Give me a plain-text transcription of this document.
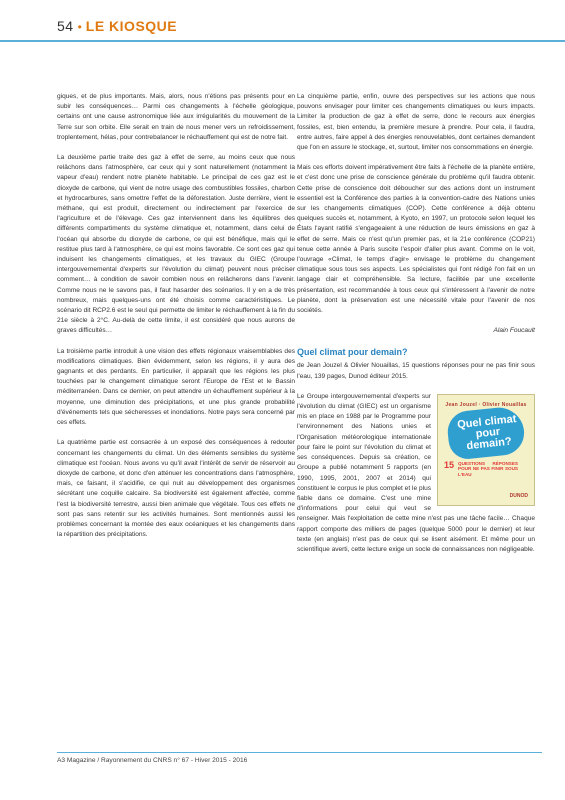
54 • LE KIOSQUE

giques, et de plus importants. Mais, alors, nous n'étions pas présents pour en subir les conséquences… Parmi ces changements à l'échelle géologique, certains ont une cause astronomique liée aux irrégularités du mouvement de la Terre sur son orbite. Elle serait en train de nous mener vers un refroidissement, troplentement, hélas, pour contrebalancer le réchauffement qui est de notre fait.

La deuxième partie traite des gaz à effet de serre, au moins ceux que nous relâchons dans l'atmosphère, car ceux qui y sont naturellement (notamment la vapeur d'eau) rendent notre planète habitable. Le principal de ces gaz est le dioxyde de carbone, qui vient de notre usage des combustibles fossiles, charbon et hydrocarbures, sans omettre l'effet de la déforestation. Juste derrière, vient le méthane, qui est produit, directement ou indirectement par l'exercice de l'agriculture et de l'élevage. Ces gaz interviennent dans les équilibres des différents compartiments du système climatique et, notamment, dans celui de l'océan qui absorbe du dioxyde de carbone, ce qui est bénéfique, mais qui le restitue plus tard à l'atmosphère, ce qui est moins favorable. Ce sont ces gaz qui induisent les changements climatiques, et les travaux du GIEC (Groupe intergouvernemental d'experts sur l'évolution du climat) peuvent nous préciser comment… à condition de savoir combien nous en relâcherons dans l'avenir. Comme nous ne le savons pas, il faut hasarder des scénarios. Il y en a de très nombreux, mais quelques-uns ont été choisis comme caractéristiques. Le scénario dit RCP2.6 est le seul qui permette de limiter le réchauffement à la fin du 21e siècle à 2°C. Au-delà de cette limite, il est considéré que nous aurons de graves difficultés…

La troisième partie introduit à une vision des effets régionaux vraisemblables des modifications climatiques. Bien évidemment, selon les régions, il y aura des gagnants et des perdants. En particulier, il apparaît que les régions les plus touchées par le changement climatique seront l'Europe de l'Est et le Bassin méditerranéen. Dans ce dernier, on peut attendre un échauffement supérieur à la moyenne, une diminution des précipitations, et une plus grande probabilité d'événements tels que sécheresses et inondations. Notre pays sera concerné par ces effets.

La quatrième partie est consacrée à un exposé des conséquences à redouter concernant les changements du climat. Un des éléments sensibles du système climatique est l'océan. Nous avons vu qu'il avait l'intérêt de servir de réservoir au dioxyde de carbone, et donc d'en atténuer les concentrations dans l'atmosphère, mais, ce faisant, il s'acidifie, ce qui nuit au développement des organismes sécrétant une coquille calcaire. Sa biodiversité est également affectée, comme l'est la biodiversité terrestre, aussi bien animale que végétale. Tous ces effets ne sont pas sans retentir sur les activités humaines. Sont mentionnés aussi les problèmes concernant la montée des eaux océaniques et les changements dans la répartition des précipitations.

La cinquième partie, enfin, ouvre des perspectives sur les actions que nous pouvons envisager pour limiter ces changements climatiques ou leurs impacts. Limiter la production de gaz à effet de serre, donc le recours aux énergies fossiles, est, bien entendu, la première mesure à prendre. Pour cela, il faudra, entre autres, faire appel à des énergies renouvelables, dont certaines demandent que l'on en assure le stockage, et, surtout, limiter nos consommations en énergie.

Mais ces efforts doivent impérativement être faits à l'échelle de la planète entière, et c'est donc une prise de conscience générale du problème qu'il faudra obtenir. Cette prise de conscience doit déboucher sur des actions dont un instrument essentiel est la Conférence des parties à la convention-cadre des Nations unies sur les changements climatiques (COP). Cette conférence a déjà obtenu quelques succès et, notamment, à Kyoto, en 1997, un protocole selon lequel les États l'ayant ratifié s'engageaient à une réduction de leurs émissions en gaz à effet de serre. Mais ce n'est qu'un premier pas, et la 21e conférence (COP21) tenue cette année à Paris suscite l'espoir d'aller plus avant. Comme on le voit, l'ouvrage «Climat, le temps d'agir» envisage le problème du changement climatique sous tous ses aspects. Les spécialistes qui l'ont rédigé l'on fait en un langage clair et compréhensible. Sa lecture, facilitée par une excellente présentation, est recommandée à tous ceux qui s'intéressent à l'avenir de notre planète, dont la préservation est une nécessité vitale pour l'avenir de nos sociétés.

Alain Foucault

Quel climat pour demain?

de Jean Jouzel & Olivier Nouaillas, 15 questions réponses pour ne pas finir sous l'eau, 139 pages, Dunod éditeur 2015.

Jean Jouzel · Olivier Nouaillas
Quel climat pour demain?
15 QUESTIONS RÉPONSES POUR NE PAS FINIR SOUS L'EAU
DUNOD

Le Groupe intergouvernemental d'experts sur l'évolution du climat (GIEC) est un organisme mis en place en 1988 par le Programme pour l'environnement des Nations unies et l'Organisation météorologique internationale pour faire le point sur l'évolution du climat et ses conséquences. Depuis sa création, ce Groupe a publié notamment 5 rapports (en 1990, 1995, 2001, 2007 et 2014) qui constituent le corpus le plus complet et le plus fiable dans ce domaine. C'est une mine d'informations pour celui qui veut se renseigner. Mais l'exploitation de cette mine n'est pas une tâche facile… Chaque rapport comporte des milliers de pages (quelque 5000 pour le dernier) et leur texte (en anglais) n'est pas de ceux qui se lisent aisément. Et même pour un scientifique averti, cette lecture exige un socle de connaissances non négligeable.

A3 Magazine / Rayonnement du CNRS n° 67 - Hiver 2015 - 2016
